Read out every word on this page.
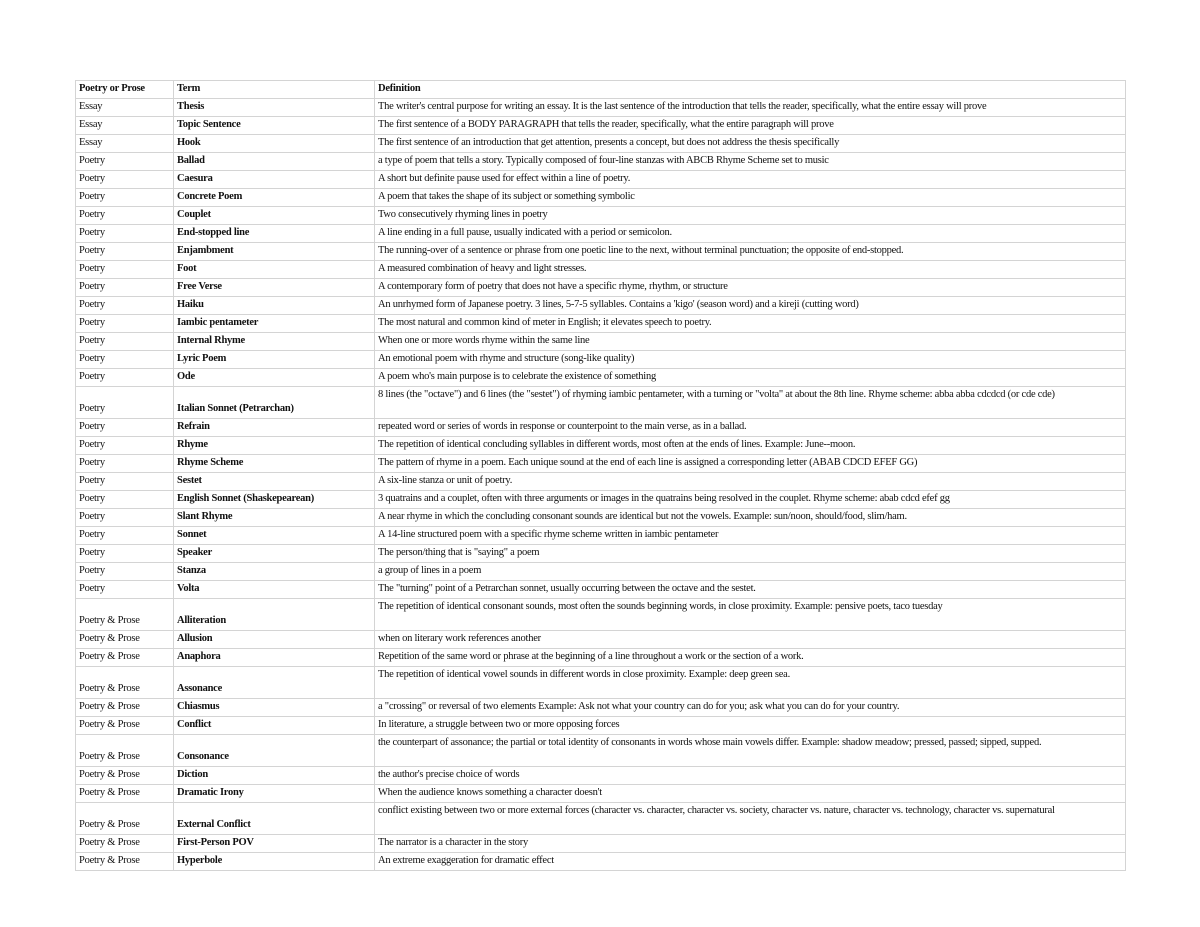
Poetry or Prose	Term	Definition
Essay	Thesis	The writer's central purpose for writing an essay. It is the last sentence of the introduction that tells the reader, specifically, what the entire essay will prove
Essay	Topic Sentence	The first sentence of a BODY PARAGRAPH that tells the reader, specifically, what the entire paragraph will prove
Essay	Hook	The first sentence of an introduction that get attention, presents a concept, but does not address the thesis specifically
Poetry	Ballad	a type of poem that tells a story. Typically composed of four-line stanzas with ABCB Rhyme Scheme set to music
Poetry	Caesura	A short but definite pause used for effect within a line of poetry.
Poetry	Concrete Poem	A poem that takes the shape of its subject or something symbolic
Poetry	Couplet	Two consecutively rhyming lines in poetry
Poetry	End-stopped line	A line ending in a full pause, usually indicated with a period or semicolon.
Poetry	Enjambment	The running-over of a sentence or phrase from one poetic line to the next, without terminal punctuation; the opposite of end-stopped.
Poetry	Foot	A measured combination of heavy and light stresses.
Poetry	Free Verse	A contemporary form of poetry that does not have a specific rhyme, rhythm, or structure
Poetry	Haiku	An unrhymed form of Japanese poetry. 3 lines, 5-7-5 syllables. Contains a 'kigo' (season word) and a kireji (cutting word)
Poetry	Iambic pentameter	The most natural and common kind of meter in English; it elevates speech to poetry.
Poetry	Internal Rhyme	When one or more words rhyme within the same line
Poetry	Lyric Poem	An emotional poem with rhyme and structure (song-like quality)
Poetry	Ode	A poem who's main purpose is to celebrate the existence of something
Poetry	Italian Sonnet (Petrarchan)	8 lines (the "octave") and 6 lines (the "sestet") of rhyming iambic pentameter, with a turning or "volta" at about the 8th line. Rhyme scheme: abba abba cdcdcd (or cde cde)
Poetry	Refrain	repeated word or series of words in response or counterpoint to the main verse, as in a ballad.
Poetry	Rhyme	The repetition of identical concluding syllables in different words, most often at the ends of lines. Example: June--moon.
Poetry	Rhyme Scheme	The pattern of rhyme in a poem. Each unique sound at the end of each line is assigned a corresponding letter (ABAB CDCD EFEF GG)
Poetry	Sestet	A six-line stanza or unit of poetry.
Poetry	English Sonnet (Shaskepearean)	3 quatrains and a couplet, often with three arguments or images in the quatrains being resolved in the couplet. Rhyme scheme: abab cdcd efef gg
Poetry	Slant Rhyme	A near rhyme in which the concluding consonant sounds are identical but not the vowels. Example: sun/noon, should/food, slim/ham.
Poetry	Sonnet	A 14-line structured poem with a specific rhyme scheme written in iambic pentameter
Poetry	Speaker	The person/thing that is "saying" a poem
Poetry	Stanza	a group of lines in a poem
Poetry	Volta	The "turning" point of a Petrarchan sonnet, usually occurring between the octave and the sestet.
Poetry & Prose	Alliteration	The repetition of identical consonant sounds, most often the sounds beginning words, in close proximity. Example: pensive poets, taco tuesday
Poetry & Prose	Allusion	when on literary work references another
Poetry & Prose	Anaphora	Repetition of the same word or phrase at the beginning of a line throughout a work or the section of a work.
Poetry & Prose	Assonance	The repetition of identical vowel sounds in different words in close proximity. Example: deep green sea.
Poetry & Prose	Chiasmus	a "crossing" or reversal of two elements Example: Ask not what your country can do for you; ask what you can do for your country.
Poetry & Prose	Conflict	In literature, a struggle between two or more opposing forces
Poetry & Prose	Consonance	the counterpart of assonance; the partial or total identity of consonants in words whose main vowels differ. Example: shadow meadow; pressed, passed; sipped, supped.
Poetry & Prose	Diction	the author's precise choice of words
Poetry & Prose	Dramatic Irony	When the audience knows something a character doesn't
Poetry & Prose	External Conflict	conflict existing between two or more external forces (character vs. character, character vs. society, character vs. nature, character vs. technology, character vs. supernatural
Poetry & Prose	First-Person POV	The narrator is a character in the story
Poetry & Prose	Hyperbole	An extreme exaggeration for dramatic effect
